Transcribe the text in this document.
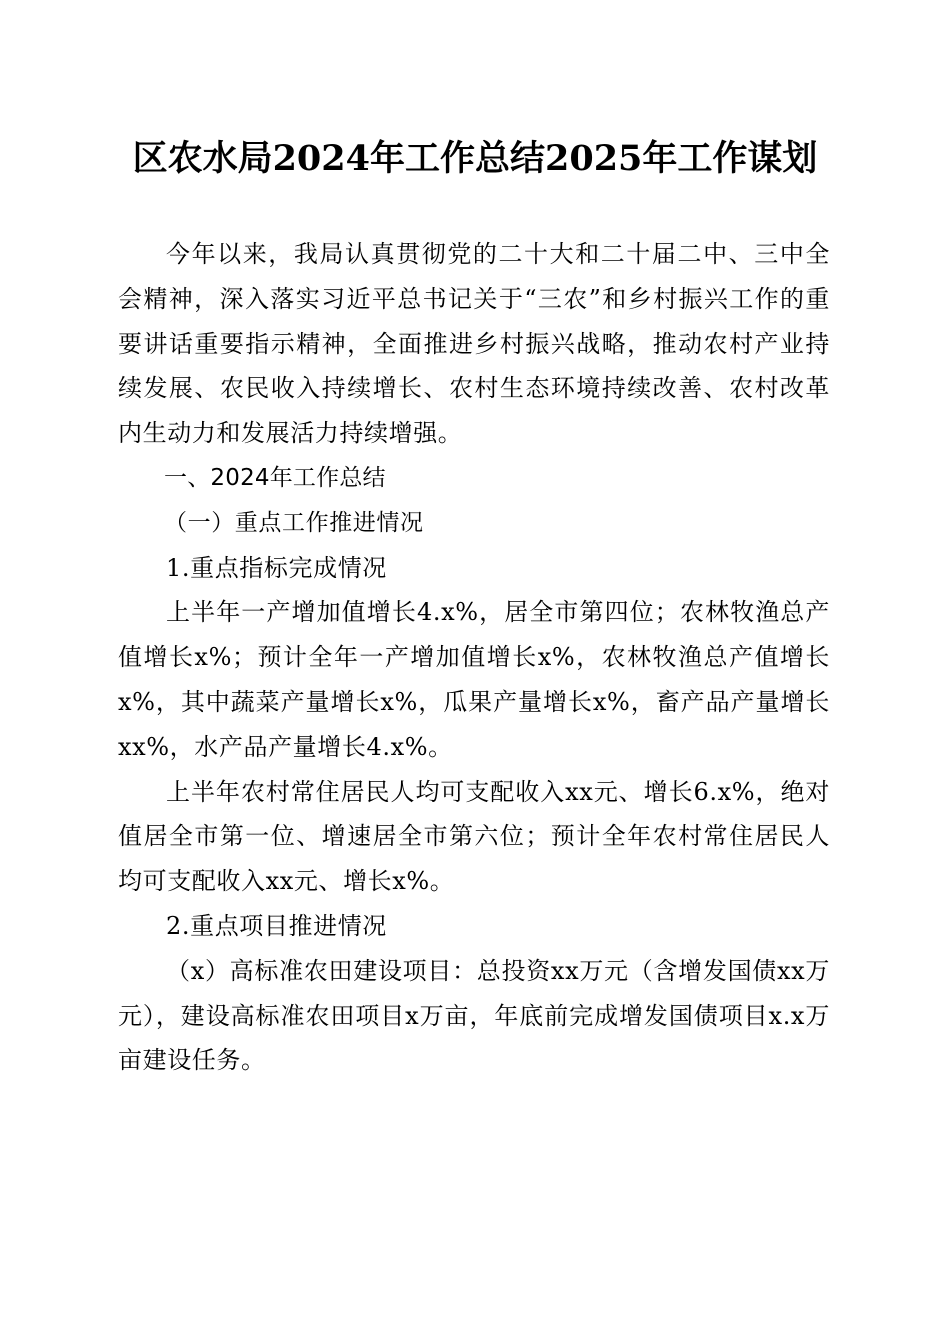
区农水局2024年工作总结2025年工作谋划

今年以来，我局认真贯彻党的二十大和二十届二中、三中全会精神，深入落实习近平总书记关于“三农”和乡村振兴工作的重要讲话重要指示精神，全面推进乡村振兴战略，推动农村产业持续发展、农民收入持续增长、农村生态环境持续改善、农村改革内生动力和发展活力持续增强。

一、2024年工作总结

（一）重点工作推进情况

1.重点指标完成情况

上半年一产增加值增长4.x%，居全市第四位；农林牧渔总产值增长x%；预计全年一产增加值增长x%，农林牧渔总产值增长x%，其中蔬菜产量增长x%，瓜果产量增长x%，畜产品产量增长xx%，水产品产量增长4.x%。

上半年农村常住居民人均可支配收入xx元、增长6.x%，绝对值居全市第一位、增速居全市第六位；预计全年农村常住居民人均可支配收入xx元、增长x%。

2.重点项目推进情况

（x）高标准农田建设项目：总投资xx万元（含增发国债xx万元），建设高标准农田项目x万亩，年底前完成增发国债项目x.x万亩建设任务。
